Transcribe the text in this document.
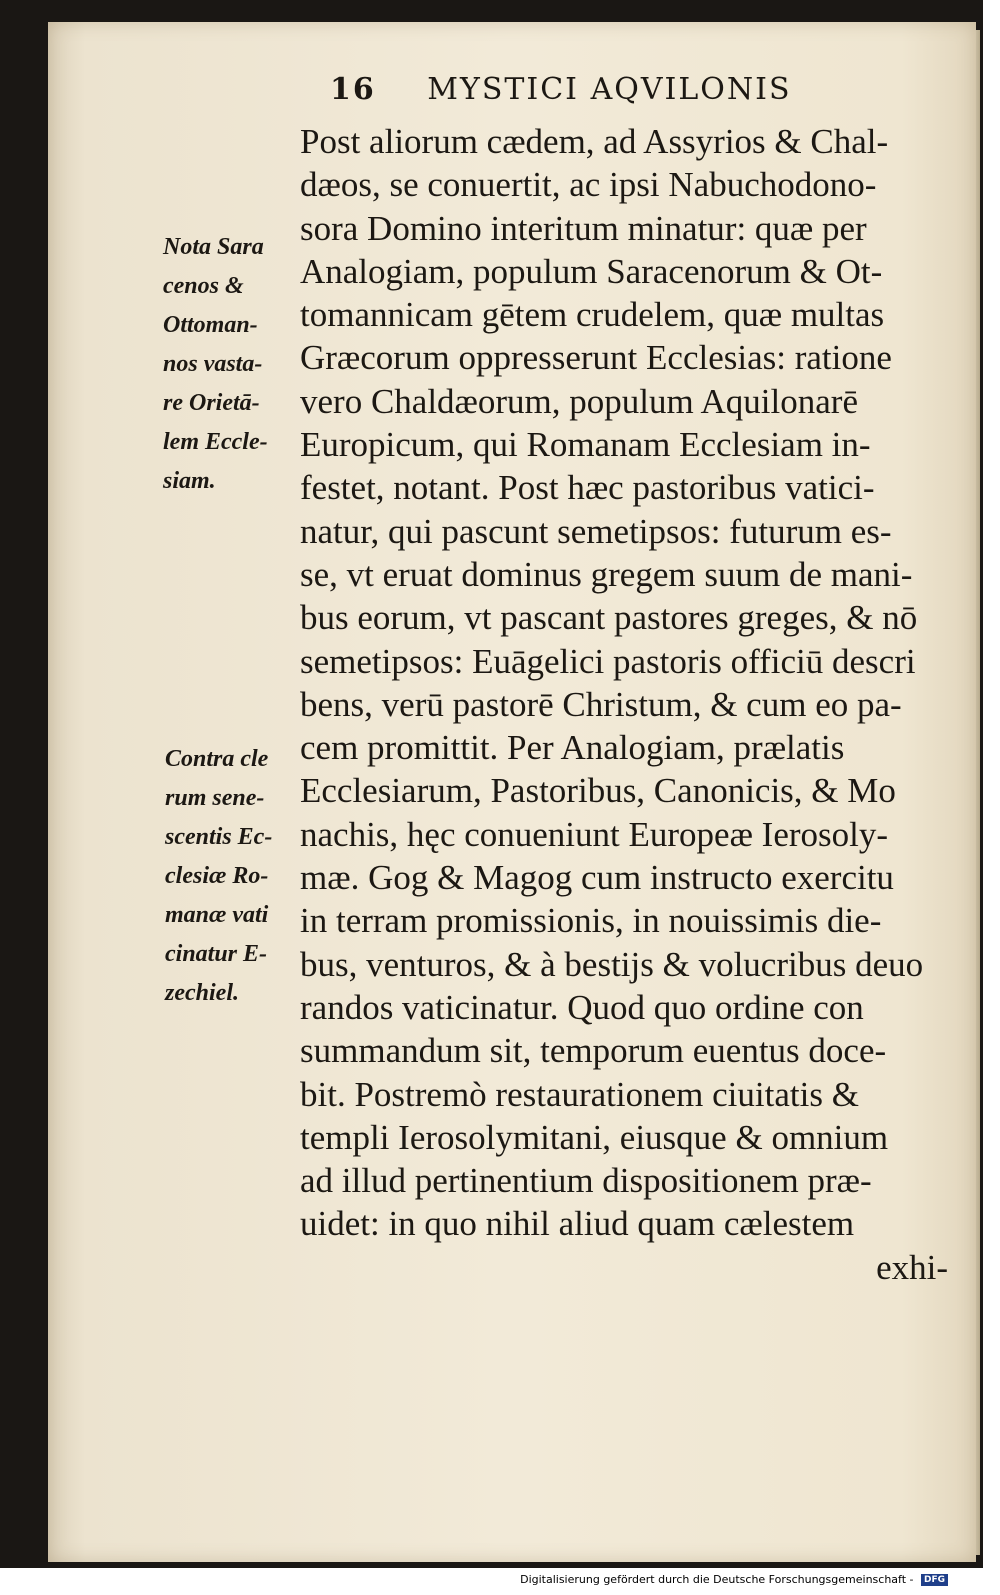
16 MYSTICI AQVILONIS
Nota Sara
cenos &
Ottoman-
nos vasta-
re Orietā-
lem Eccle-
siam.
Contra cle
rum sene-
scentis Ec-
clesiæ Ro-
manæ vati
cinatur E-
zechiel.
Post aliorum cædem, ad Assyrios & Chal-
dæos, se conuertit, ac ipsi Nabuchodono-
sora Domino interitum minatur: quæ per
Analogiam, populum Saracenorum & Ot-
tomannicam gētem crudelem, quæ multas
Græcorum oppresserunt Ecclesias: ratione
vero Chaldæorum, populum Aquilonarē
Europicum, qui Romanam Ecclesiam in-
festet, notant. Post hæc pastoribus vatici-
natur, qui pascunt semetipsos: futurum es-
se, vt eruat dominus gregem suum de mani-
bus eorum, vt pascant pastores greges, & nō
semetipsos: Euāgelici pastoris officiū descri
bens, verū pastorē Christum, & cum eo pa-
cem promittit. Per Analogiam, prælatis
Ecclesiarum, Pastoribus, Canonicis, & Mo
nachis, hęc conueniunt Europeæ Ierosoly-
mæ. Gog & Magog cum instructo exercitu
in terram promissionis, in nouissimis die-
bus, venturos, & à bestijs & volucribus deuo
randos vaticinatur. Quod quo ordine con
summandum sit, temporum euentus doce-
bit. Postremò restaurationem ciuitatis &
templi Ierosolymitani, eiusque & omnium
ad illud pertinentium dispositionem præ-
uidet: in quo nihil aliud quam cælestem
exhi-
Digitalisierung gefördert durch die Deutsche Forschungsgemeinschaft - DFG
